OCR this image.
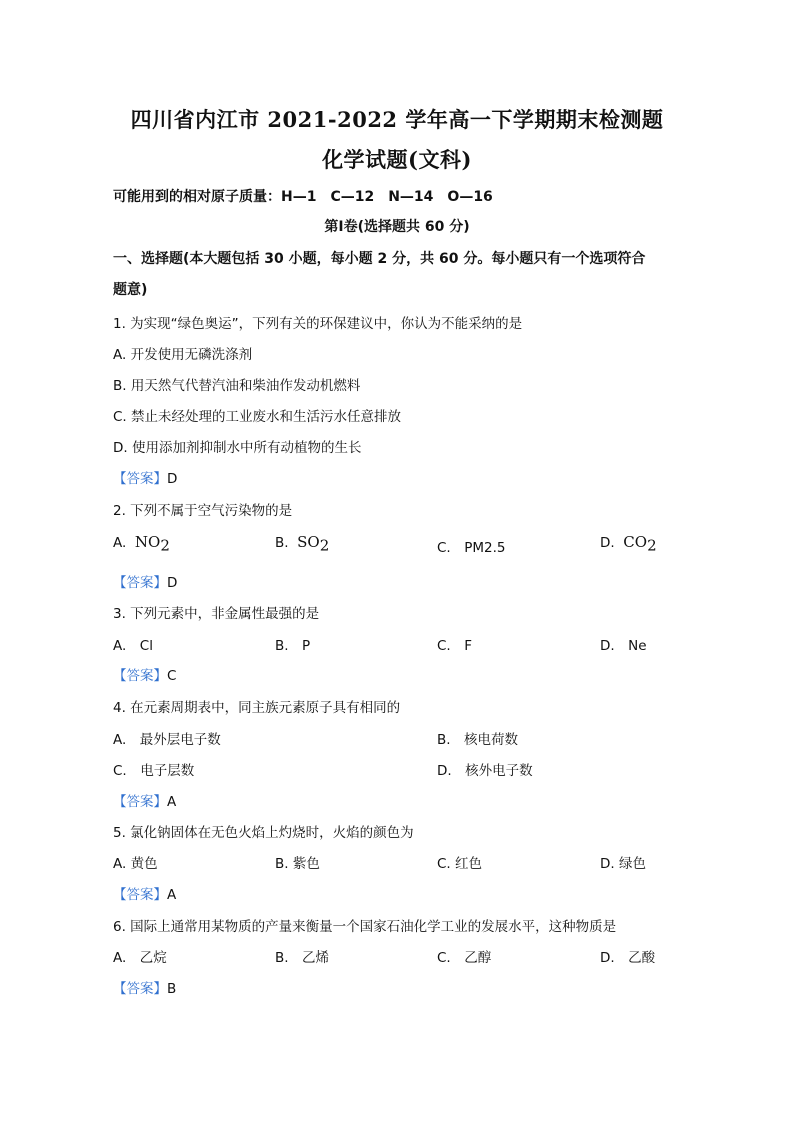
四川省内江市 2021-2022 学年高一下学期期末检测题
化学试题(文科)
可能用到的相对原子质量：H—1　C—12　N—14　O—16
第Ⅰ卷(选择题共 60 分)
一、选择题(本大题包括 30 小题，每小题 2 分，共 60 分。每小题只有一个选项符合
题意)
1. 为实现“绿色奥运”，下列有关的环保建议中，你认为不能采纳的是
A. 开发使用无磷洗涤剂
B. 用天然气代替汽油和柴油作发动机燃料
C. 禁止未经处理的工业废水和生活污水任意排放
D. 使用添加剂抑制水中所有动植物的生长
【答案】D
2. 下列不属于空气污染物的是
A. $NO_2$	B. $SO_2$	C.　PM2.5	D. $CO_2$
【答案】D
3. 下列元素中，非金属性最强的是
A.　Cl	B.　P	C.　F	D.　Ne
【答案】C
4. 在元素周期表中，同主族元素原子具有相同的
A.　最外层电子数	B.　核电荷数
C.　电子层数	D.　核外电子数
【答案】A
5. 氯化钠固体在无色火焰上灼烧时，火焰的颜色为
A. 黄色	B. 紫色	C. 红色	D. 绿色
【答案】A
6. 国际上通常用某物质的产量来衡量一个国家石油化学工业的发展水平，这种物质是
A.　乙烷	B.　乙烯	C.　乙醇	D.　乙酸
【答案】B
